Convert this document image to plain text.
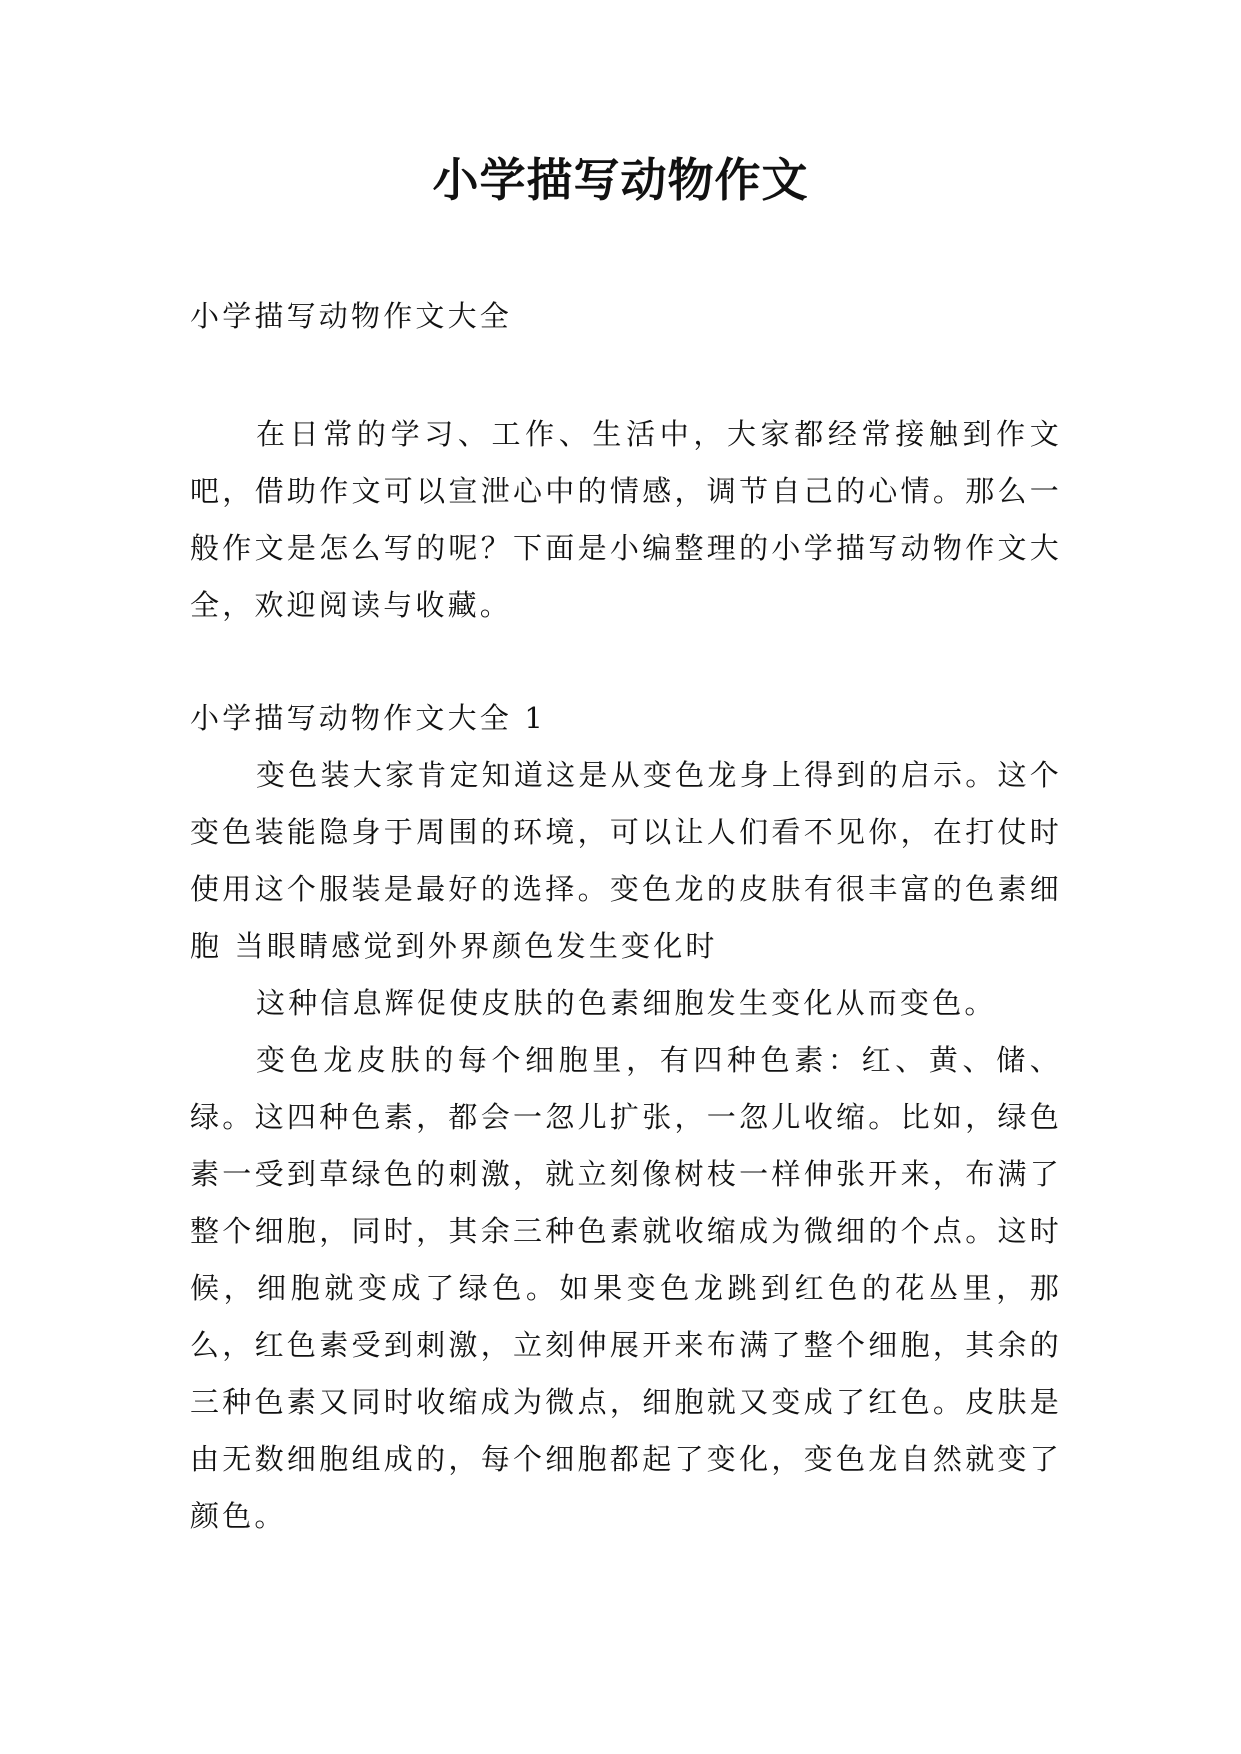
小学描写动物作文
小学描写动物作文大全

在日常的学习、工作、生活中，大家都经常接触到作文吧，借助作文可以宣泄心中的情感，调节自己的心情。那么一般作文是怎么写的呢？下面是小编整理的小学描写动物作文大全，欢迎阅读与收藏。

小学描写动物作文大全 1

变色装大家肯定知道这是从变色龙身上得到的启示。这个变色装能隐身于周围的环境，可以让人们看不见你，在打仗时使用这个服装是最好的选择。变色龙的皮肤有很丰富的色素细胞 当眼睛感觉到外界颜色发生变化时

这种信息辉促使皮肤的色素细胞发生变化从而变色。

变色龙皮肤的每个细胞里，有四种色素：红、黄、储、绿。这四种色素，都会一忽儿扩张，一忽儿收缩。比如，绿色素一受到草绿色的刺激，就立刻像树枝一样伸张开来，布满了整个细胞，同时，其余三种色素就收缩成为微细的个点。这时候，细胞就变成了绿色。如果变色龙跳到红色的花丛里，那么，红色素受到刺激，立刻伸展开来布满了整个细胞，其余的三种色素又同时收缩成为微点，细胞就又变成了红色。皮肤是由无数细胞组成的，每个细胞都起了变化，变色龙自然就变了颜色。
